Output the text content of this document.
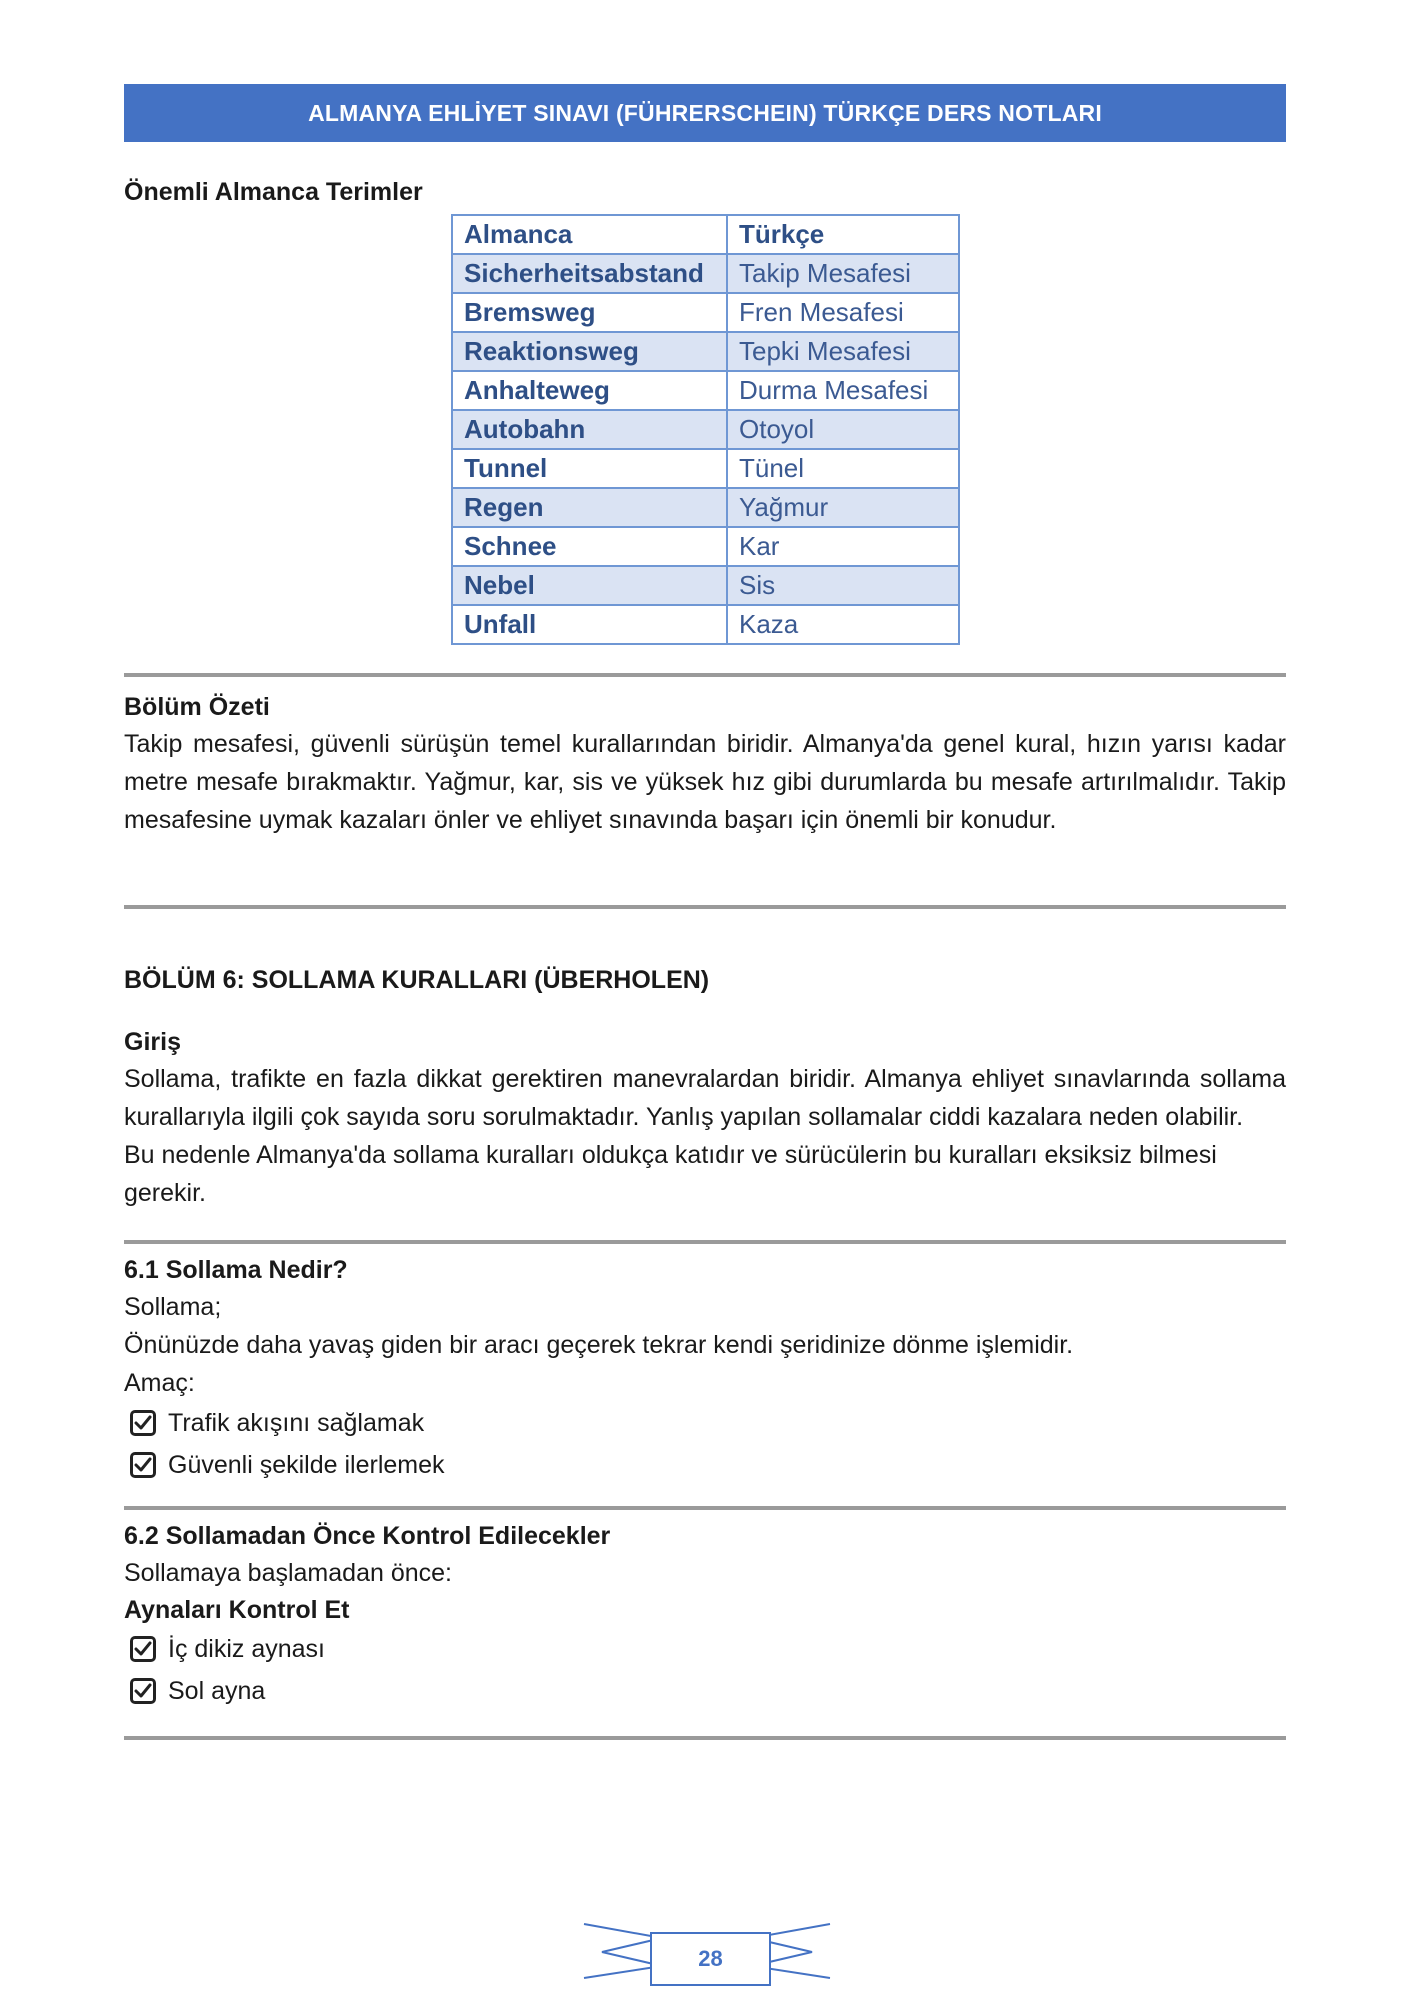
ALMANYA EHLİYET SINAVI (FÜHRERSCHEIN) TÜRKÇE DERS NOTLARI

Önemli Almanca Terimler

Almanca	Türkçe
Sicherheitsabstand	Takip Mesafesi
Bremsweg	Fren Mesafesi
Reaktionsweg	Tepki Mesafesi
Anhalteweg	Durma Mesafesi
Autobahn	Otoyol
Tunnel	Tünel
Regen	Yağmur
Schnee	Kar
Nebel	Sis
Unfall	Kaza

Bölüm Özeti

Takip mesafesi, güvenli sürüşün temel kurallarından biridir. Almanya'da genel kural, hızın yarısı kadar metre mesafe bırakmaktır. Yağmur, kar, sis ve yüksek hız gibi durumlarda bu mesafe artırılmalıdır. Takip mesafesine uymak kazaları önler ve ehliyet sınavında başarı için önemli bir konudur.

BÖLÜM 6: SOLLAMA KURALLARI (ÜBERHOLEN)

Giriş

Sollama, trafikte en fazla dikkat gerektiren manevralardan biridir. Almanya ehliyet sınavlarında sollama kurallarıyla ilgili çok sayıda soru sorulmaktadır. Yanlış yapılan sollamalar ciddi kazalara neden olabilir.

Bu nedenle Almanya'da sollama kuralları oldukça katıdır ve sürücülerin bu kuralları eksiksiz bilmesi gerekir.

6.1 Sollama Nedir?

Sollama;

Önünüzde daha yavaş giden bir aracı geçerek tekrar kendi şeridinize dönme işlemidir.

Amaç:

Trafik akışını sağlamak
Güvenli şekilde ilerlemek

6.2 Sollamadan Önce Kontrol Edilecekler

Sollamaya başlamadan önce:

Aynaları Kontrol Et

İç dikiz aynası
Sol ayna
28
